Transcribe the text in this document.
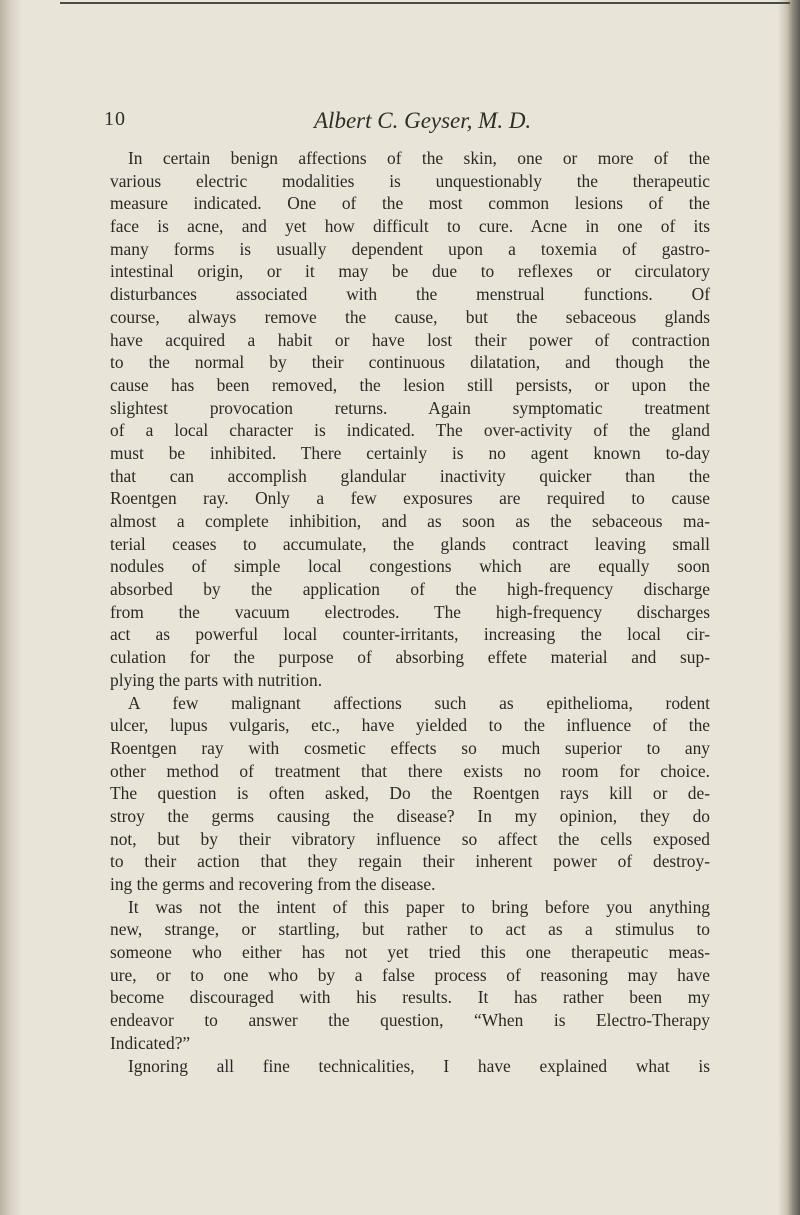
10	Albert C. Geyser, M. D.
In certain benign affections of the skin, one or more of the
various electric modalities is unquestionably the therapeutic
measure indicated. One of the most common lesions of the
face is acne, and yet how difficult to cure. Acne in one of its
many forms is usually dependent upon a toxemia of gastro-
intestinal origin, or it may be due to reflexes or circulatory
disturbances associated with the menstrual functions. Of
course, always remove the cause, but the sebaceous glands
have acquired a habit or have lost their power of contraction
to the normal by their continuous dilatation, and though the
cause has been removed, the lesion still persists, or upon the
slightest provocation returns. Again symptomatic treatment
of a local character is indicated. The over-activity of the gland
must be inhibited. There certainly is no agent known to-day
that can accomplish glandular inactivity quicker than the
Roentgen ray. Only a few exposures are required to cause
almost a complete inhibition, and as soon as the sebaceous ma-
terial ceases to accumulate, the glands contract leaving small
nodules of simple local congestions which are equally soon
absorbed by the application of the high-frequency discharge
from the vacuum electrodes. The high-frequency discharges
act as powerful local counter-irritants, increasing the local cir-
culation for the purpose of absorbing effete material and sup-
plying the parts with nutrition.
A few malignant affections such as epithelioma, rodent
ulcer, lupus vulgaris, etc., have yielded to the influence of the
Roentgen ray with cosmetic effects so much superior to any
other method of treatment that there exists no room for choice.
The question is often asked, Do the Roentgen rays kill or de-
stroy the germs causing the disease? In my opinion, they do
not, but by their vibratory influence so affect the cells exposed
to their action that they regain their inherent power of destroy-
ing the germs and recovering from the disease.
It was not the intent of this paper to bring before you anything
new, strange, or startling, but rather to act as a stimulus to
someone who either has not yet tried this one therapeutic meas-
ure, or to one who by a false process of reasoning may have
become discouraged with his results. It has rather been my
endeavor to answer the question, “When is Electro-Therapy
Indicated?”
Ignoring all fine technicalities, I have explained what is
